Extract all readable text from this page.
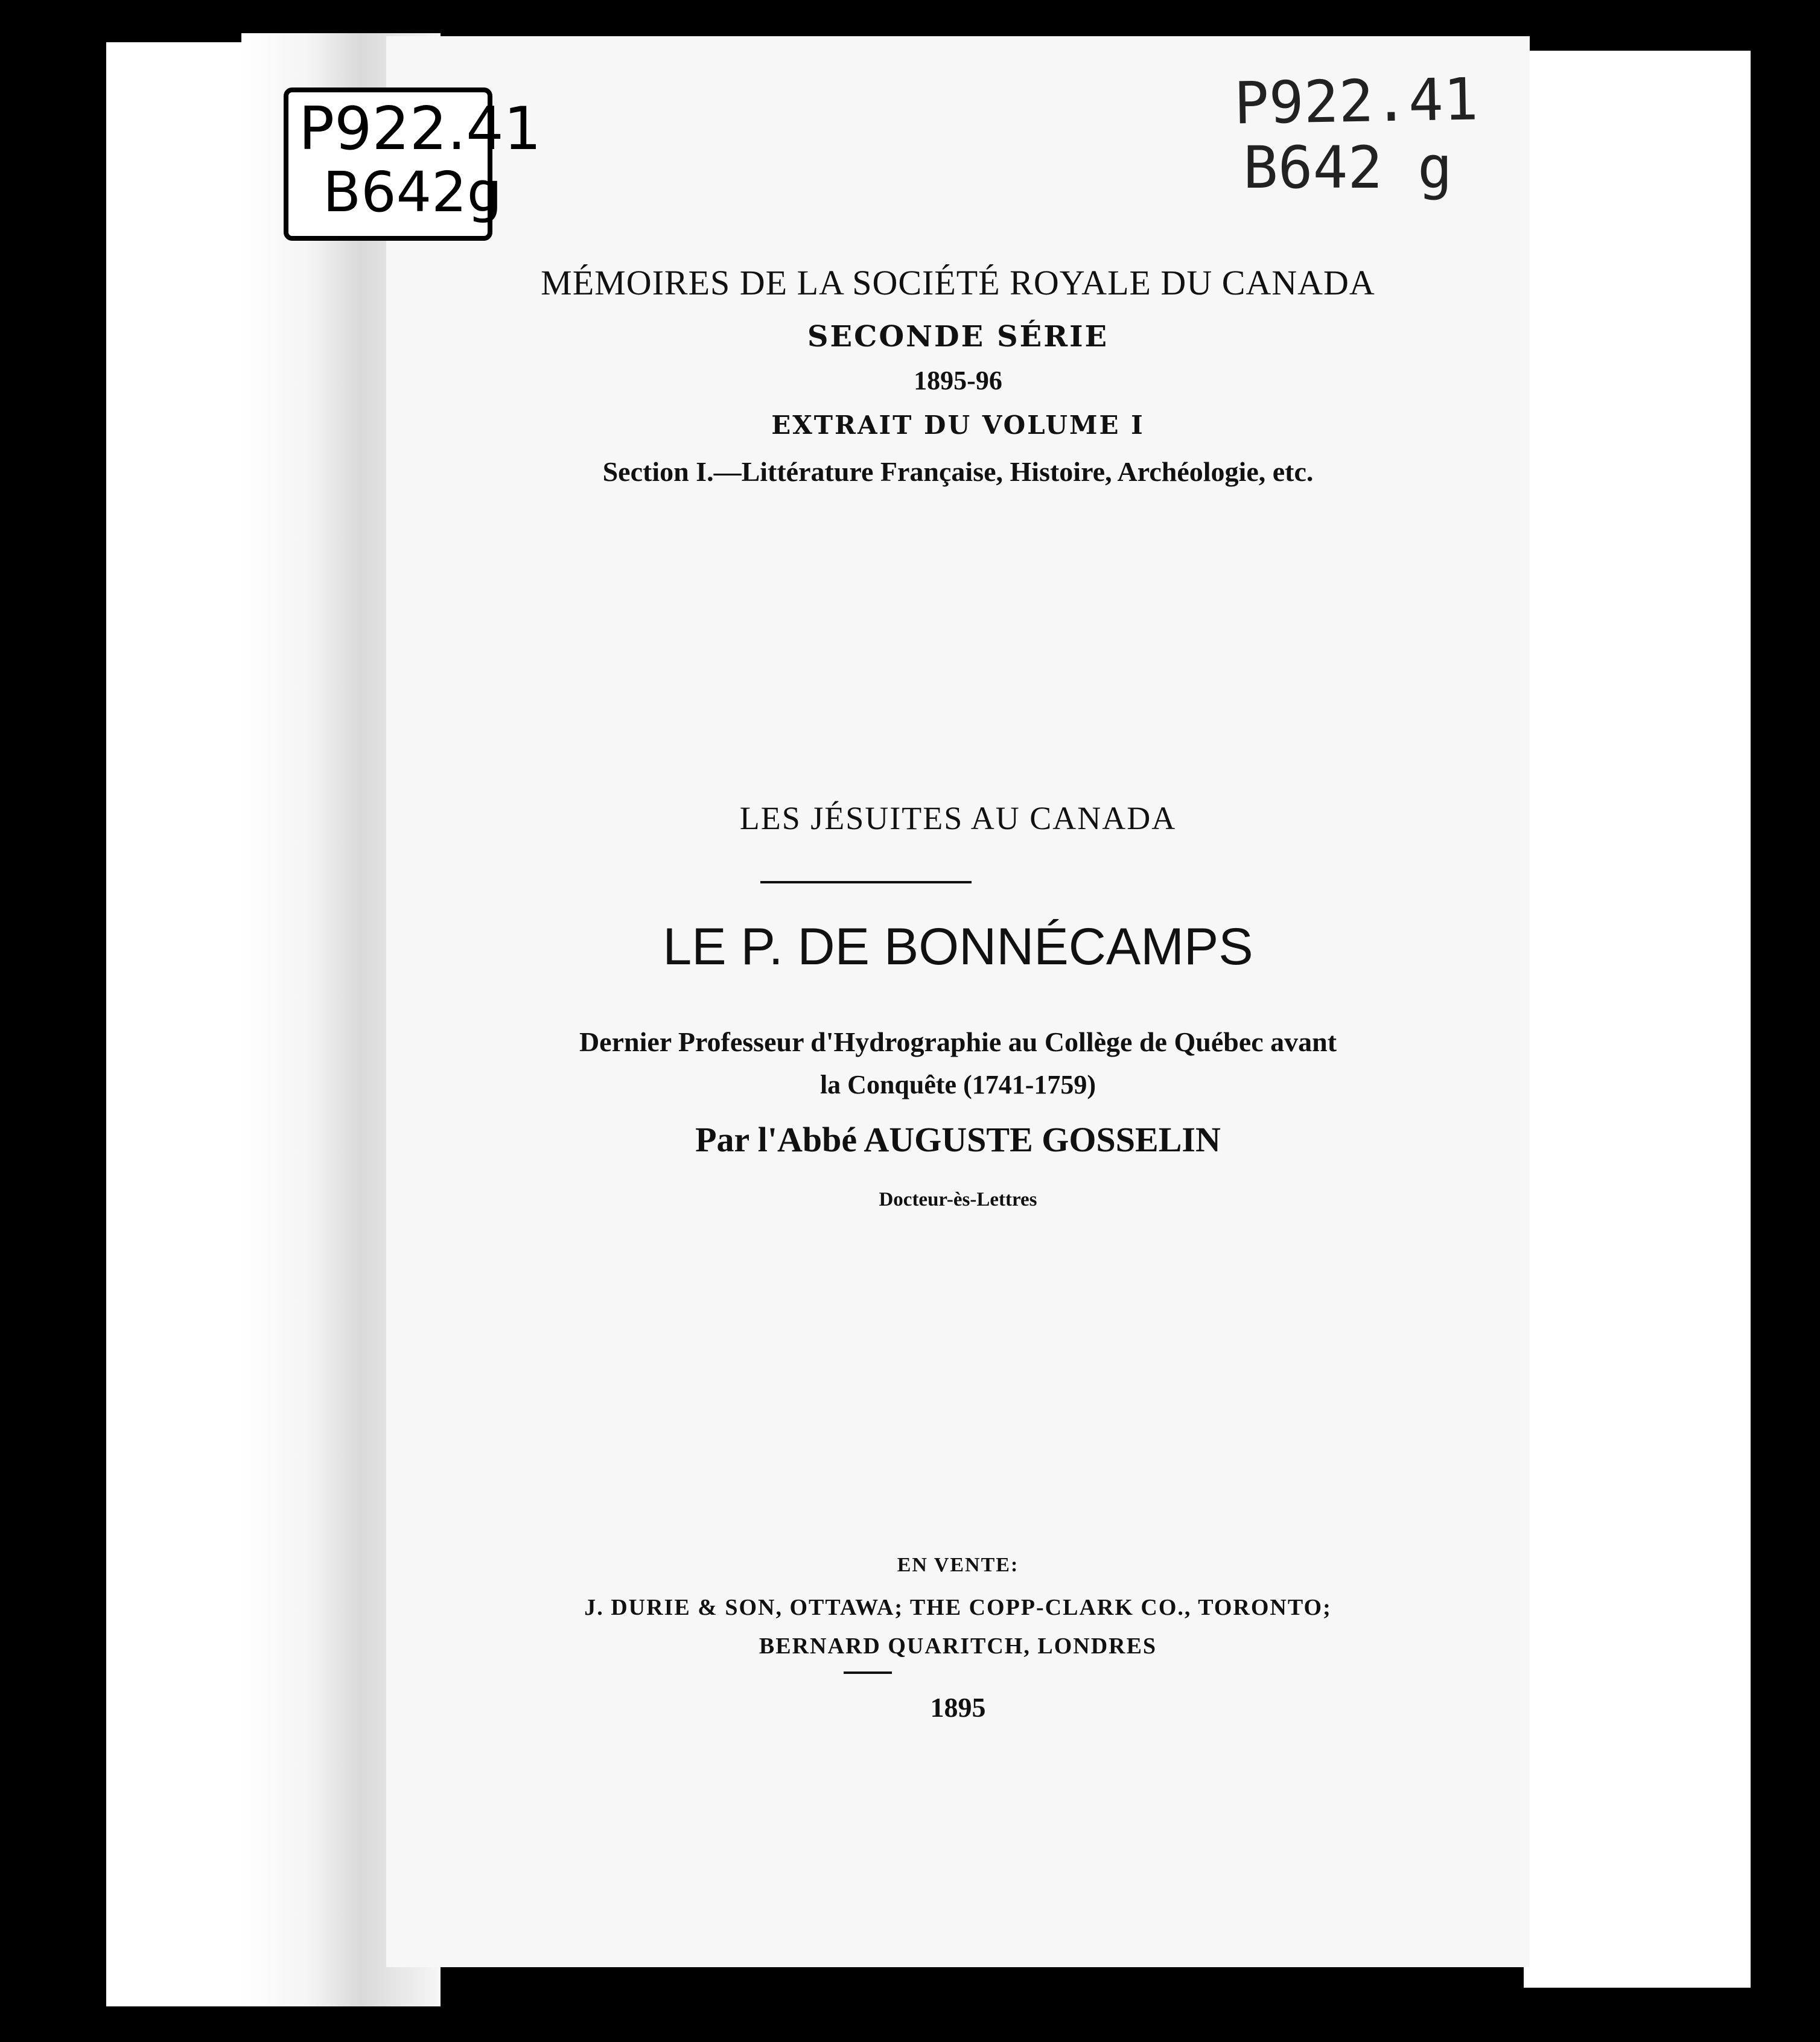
P922.41
B642g
P922.41
B642 g
MÉMOIRES DE LA SOCIÉTÉ ROYALE DU CANADA
SECONDE SÉRIE
1895-96
EXTRAIT DU VOLUME I
Section I.—Littérature Française, Histoire, Archéologie, etc.
LES JÉSUITES AU CANADA
LE P. DE BONNÉCAMPS
Dernier Professeur d'Hydrographie au Collège de Québec avant
la Conquête (1741-1759)
Par l'Abbé AUGUSTE GOSSELIN
Docteur-ès-Lettres
EN VENTE:
J. DURIE & SON, OTTAWA; THE COPP-CLARK CO., TORONTO;
BERNARD QUARITCH, LONDRES
1895
